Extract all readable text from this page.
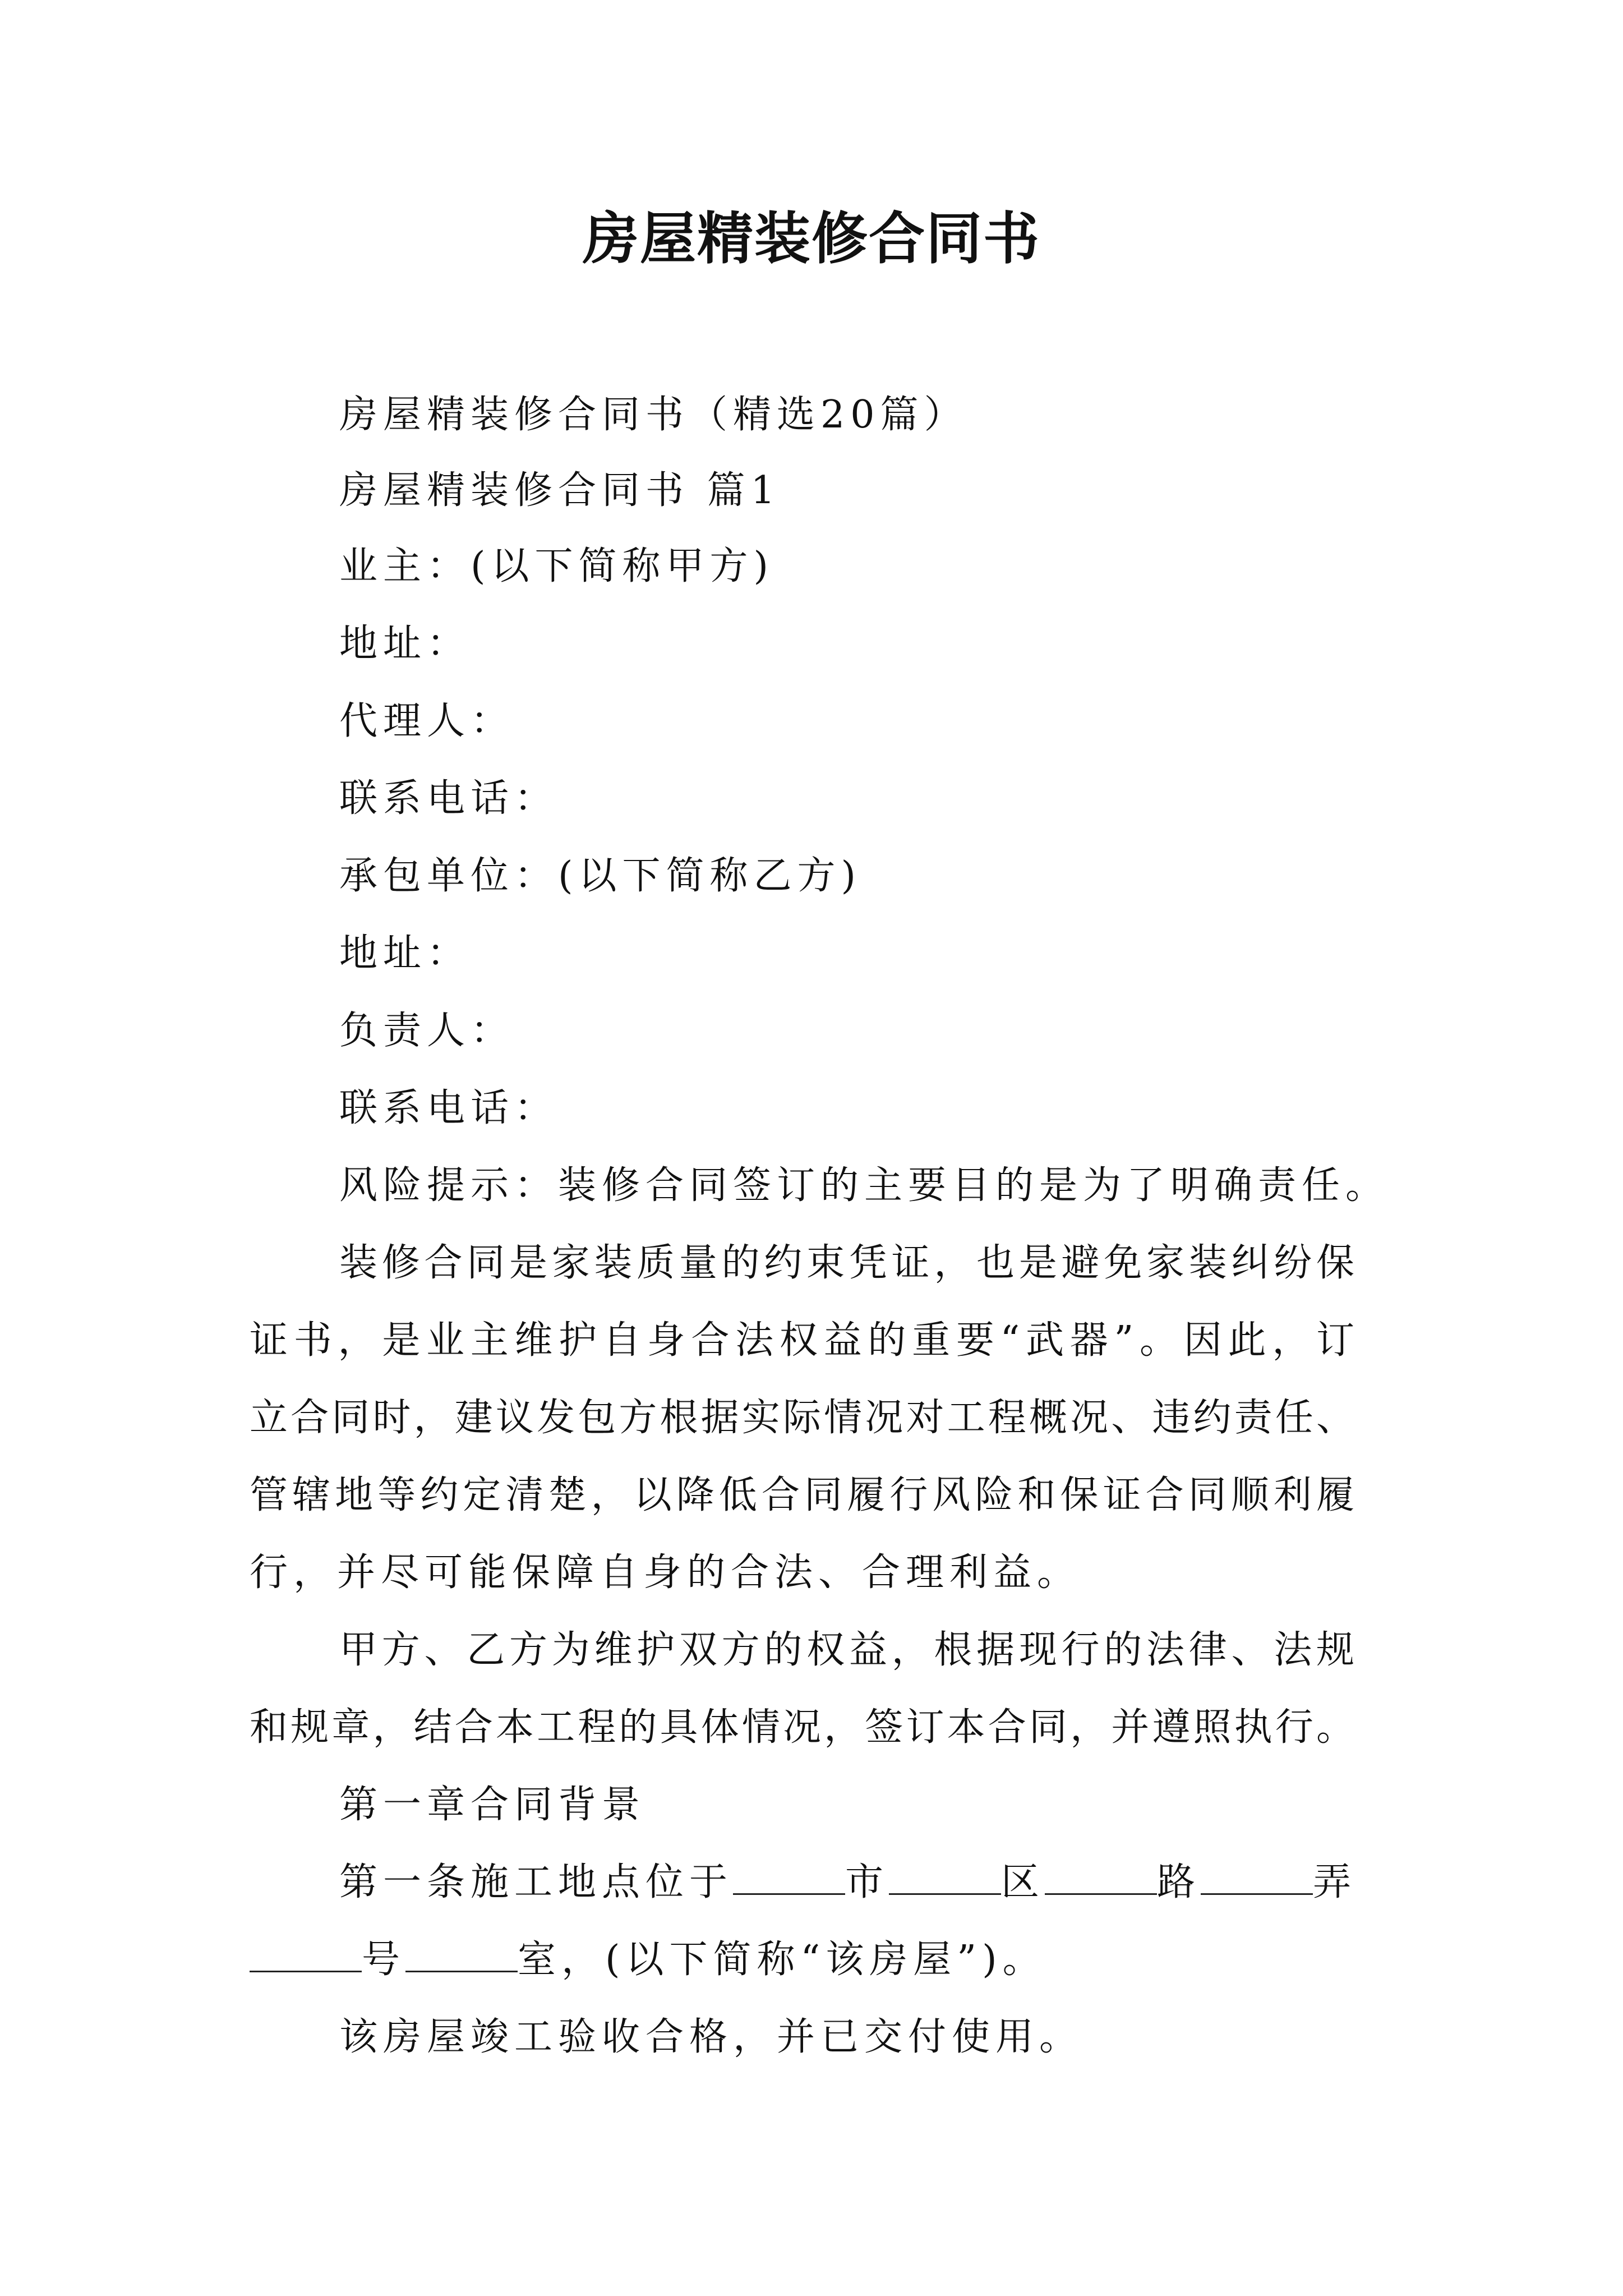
房屋精装修合同书
房屋精装修合同书（精选20篇）
房屋精装修合同书 篇1
业主：(以下简称甲方)
地址：
代理人：
联系电话：
承包单位：(以下简称乙方)
地址：
负责人：
联系电话：
风险提示：装修合同签订的主要目的是为了明确责任。
装修合同是家装质量的约束凭证，也是避免家装纠纷保
证书，是业主维护自身合法权益的重要“武器”。因此，订
立合同时，建议发包方根据实际情况对工程概况、违约责任、
管辖地等约定清楚，以降低合同履行风险和保证合同顺利履
行，并尽可能保障自身的合法、合理利益。
甲方、乙方为维护双方的权益，根据现行的法律、法规
和规章，结合本工程的具体情况，签订本合同，并遵照执行。
第一章合同背景
第一条施工地点位于	市	区	路	弄
号	室，(以下简称“该房屋”)。
该房屋竣工验收合格，并已交付使用。
